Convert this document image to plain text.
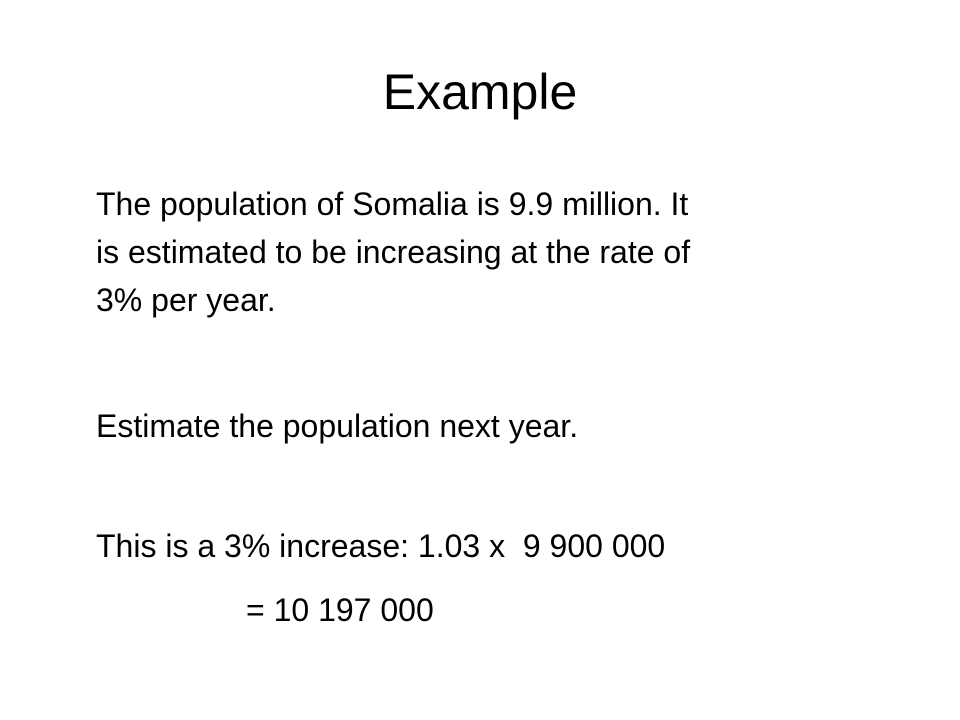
Example
The population of Somalia is 9.9 million. It
is estimated to be increasing at the rate of
3% per year.
Estimate the population next year.
This is a 3% increase: 1.03 x  9 900 000
= 10 197 000
